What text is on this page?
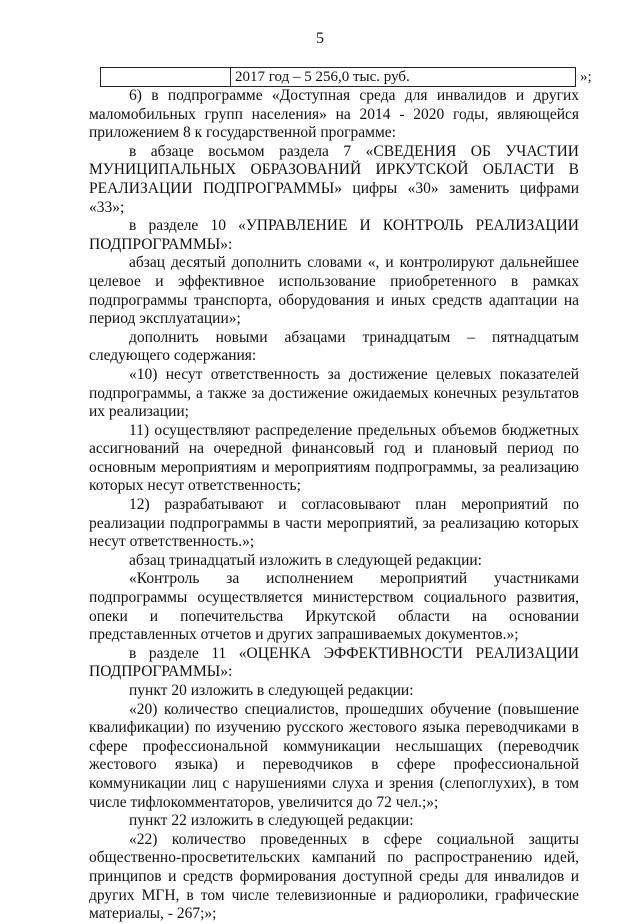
5
2017 год – 5 256,0 тыс. руб.	»;

6) в подпрограмме «Доступная среда для инвалидов и других маломобильных групп населения» на 2014 - 2020 годы, являющейся приложением 8 к государственной программе:

в абзаце восьмом раздела 7 «СВЕДЕНИЯ ОБ УЧАСТИИ МУНИЦИПАЛЬНЫХ ОБРАЗОВАНИЙ ИРКУТСКОЙ ОБЛАСТИ В РЕАЛИЗАЦИИ ПОДПРОГРАММЫ» цифры «30» заменить цифрами «33»;

в разделе 10 «УПРАВЛЕНИЕ И КОНТРОЛЬ РЕАЛИЗАЦИИ ПОДПРОГРАММЫ»:

абзац десятый дополнить словами «, и контролируют дальнейшее целевое и эффективное использование приобретенного в рамках подпрограммы транспорта, оборудования и иных средств адаптации на период эксплуатации»;

дополнить новыми абзацами тринадцатым – пятнадцатым следующего содержания:

«10) несут ответственность за достижение целевых показателей подпрограммы, а также за достижение ожидаемых конечных результатов их реализации;

11) осуществляют распределение предельных объемов бюджетных ассигнований на очередной финансовый год и плановый период по основным мероприятиям и мероприятиям подпрограммы, за реализацию которых несут ответственность;

12) разрабатывают и согласовывают план мероприятий по реализации подпрограммы в части мероприятий, за реализацию которых несут ответственность.»;

абзац тринадцатый изложить в следующей редакции:

«Контроль за исполнением мероприятий участниками подпрограммы осуществляется министерством социального развития, опеки и попечительства Иркутской области на основании представленных отчетов и других запрашиваемых документов.»;

в разделе 11 «ОЦЕНКА ЭФФЕКТИВНОСТИ РЕАЛИЗАЦИИ ПОДПРОГРАММЫ»:

пункт 20 изложить в следующей редакции:

«20) количество специалистов, прошедших обучение (повышение квалификации) по изучению русского жестового языка переводчиками в сфере профессиональной коммуникации неслышащих (переводчик жестового языка) и переводчиков в сфере профессиональной коммуникации лиц с нарушениями слуха и зрения (слепоглухих), в том числе тифлокомментаторов, увеличится до 72 чел.;»;

пункт 22 изложить в следующей редакции:

«22) количество проведенных в сфере социальной защиты общественно-просветительских кампаний по распространению идей, принципов и средств формирования доступной среды для инвалидов и других МГН, в том числе телевизионные и радиоролики, графические материалы, - 267;»;
